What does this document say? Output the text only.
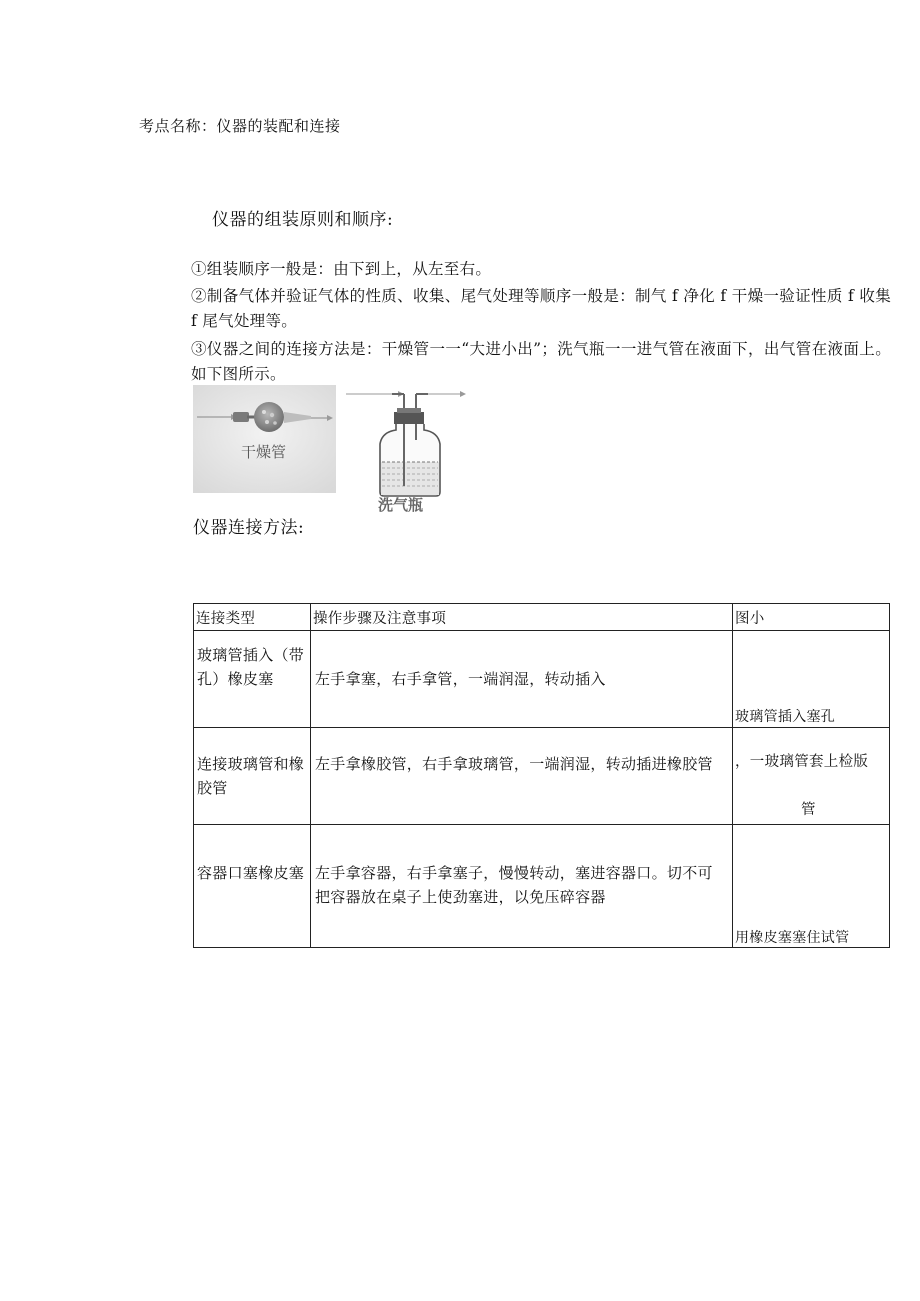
考点名称：仪器的装配和连接
仪器的组装原则和顺序:
①组装顺序一般是：由下到上，从左至右。
②制备气体并验证气体的性质、收集、尾气处理等顺序一般是：制气 f 净化 f 干燥一验证性质 f 收集 f 尾气处理等。
③仪器之间的连接方法是：干燥管一一“大进小出”；洗气瓶一一进气管在液面下，出气管在液面上。如下图所示。
干燥管
洗气瓶
仪器连接方法:
连接类型	操作步骤及注意事项	图小

玻璃管插入（带孔）橡皮塞	左手拿塞，右手拿管，一端润湿，转动插入	玻璃管插入塞孔

连接玻璃管和橡胶管	左手拿橡胶管，右手拿玻璃管，一端润湿，转动插进橡胶管	，一玻璃管套上检版
管

容器口塞橡皮塞	左手拿容器，右手拿塞子，慢慢转动，塞进容器口。切不可把容器放在桌子上使劲塞进，以免压碎容器	用橡皮塞塞住试管
